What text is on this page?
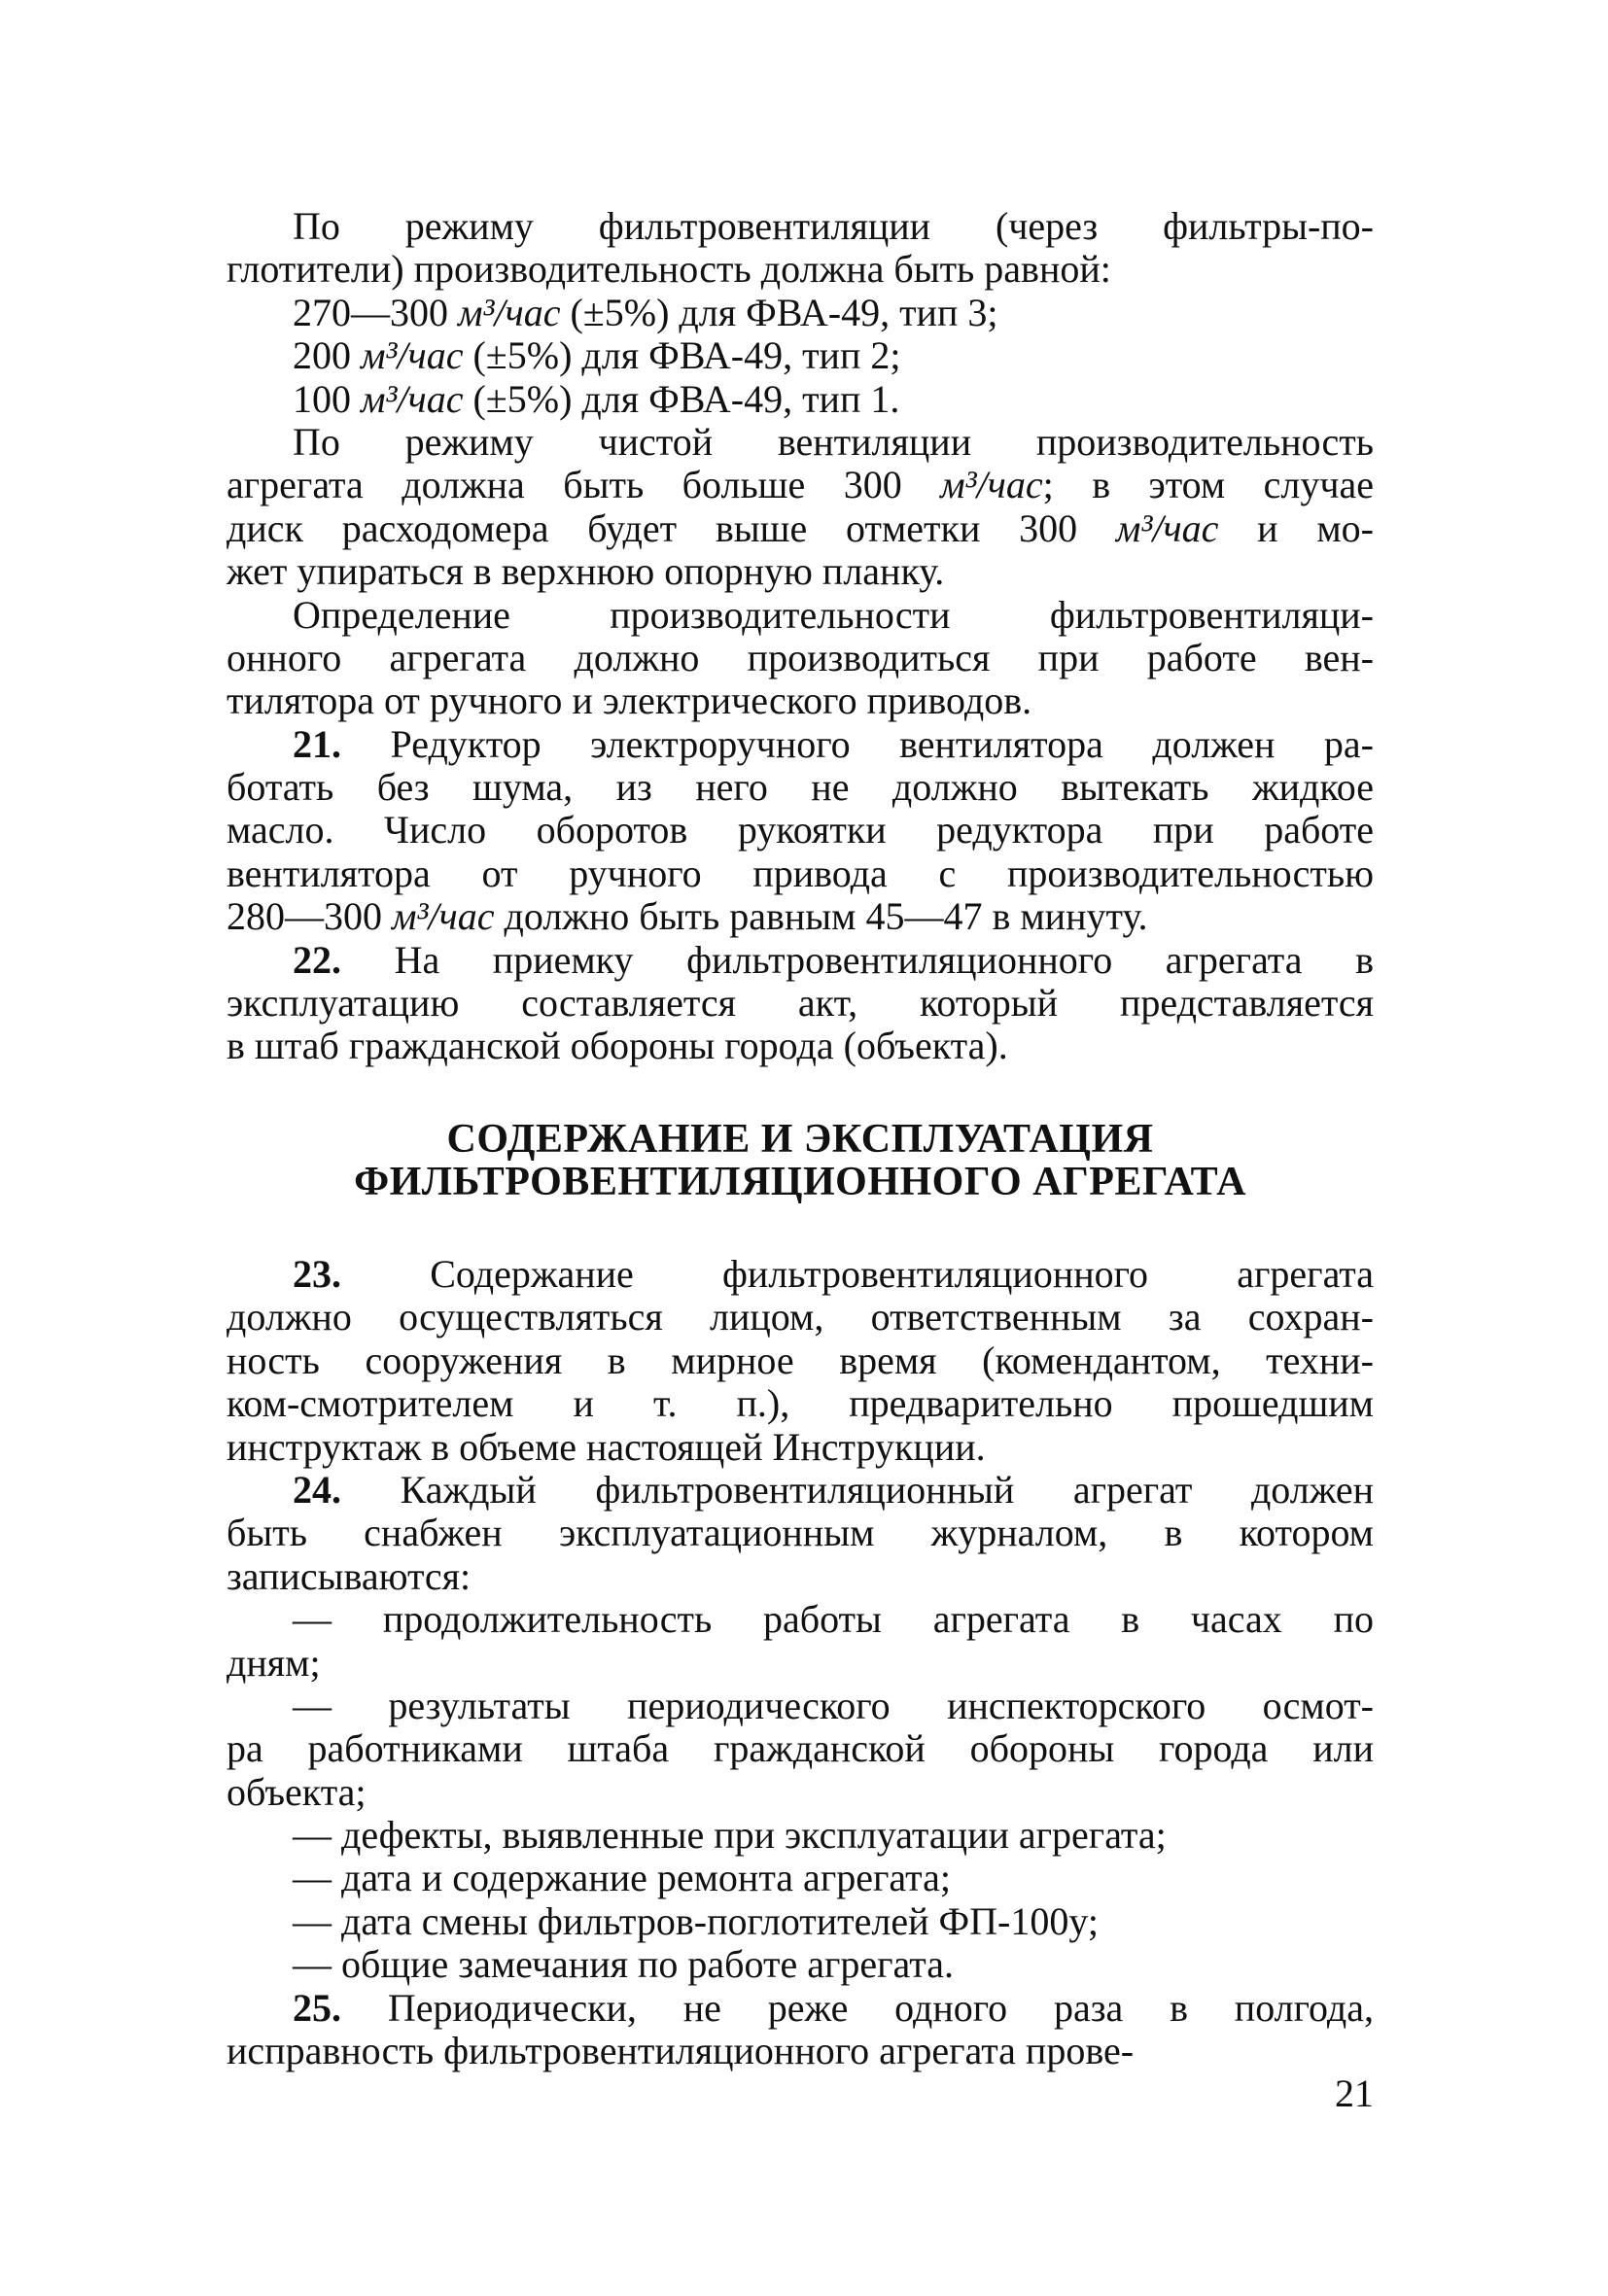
По режиму фильтровентиляции (через фильтры-по-
глотители) производительность должна быть равной:
270—300 м³/час (±5%) для ФВА-49, тип 3;
200 м³/час (±5%) для ФВА-49, тип 2;
100 м³/час (±5%) для ФВА-49, тип 1.
По режиму чистой вентиляции производительность
агрегата должна быть больше 300 м³/час; в этом случае
диск расходомера будет выше отметки 300 м³/час и мо-
жет упираться в верхнюю опорную планку.
Определение производительности фильтровентиляци-
онного агрегата должно производиться при работе вен-
тилятора от ручного и электрического приводов.
21. Редуктор электроручного вентилятора должен ра-
ботать без шума, из него не должно вытекать жидкое
масло. Число оборотов рукоятки редуктора при работе
вентилятора от ручного привода с производительностью
280—300 м³/час должно быть равным 45—47 в минуту.
22. На приемку фильтровентиляционного агрегата в
эксплуатацию составляется акт, который представляется
в штаб гражданской обороны города (объекта).
СОДЕРЖАНИЕ И ЭКСПЛУАТАЦИЯ
ФИЛЬТРОВЕНТИЛЯЦИОННОГО АГРЕГАТА
23. Содержание фильтровентиляционного агрегата
должно осуществляться лицом, ответственным за сохран-
ность сооружения в мирное время (комендантом, техни-
ком-смотрителем и т. п.), предварительно прошедшим
инструктаж в объеме настоящей Инструкции.
24. Каждый фильтровентиляционный агрегат должен
быть снабжен эксплуатационным журналом, в котором
записываются:
— продолжительность работы агрегата в часах по
дням;
— результаты периодического инспекторского осмот-
ра работниками штаба гражданской обороны города или
объекта;
— дефекты, выявленные при эксплуатации агрегата;
— дата и содержание ремонта агрегата;
— дата смены фильтров-поглотителей ФП-100у;
— общие замечания по работе агрегата.
25. Периодически, не реже одного раза в полгода,
исправность фильтровентиляционного агрегата прове-
21
